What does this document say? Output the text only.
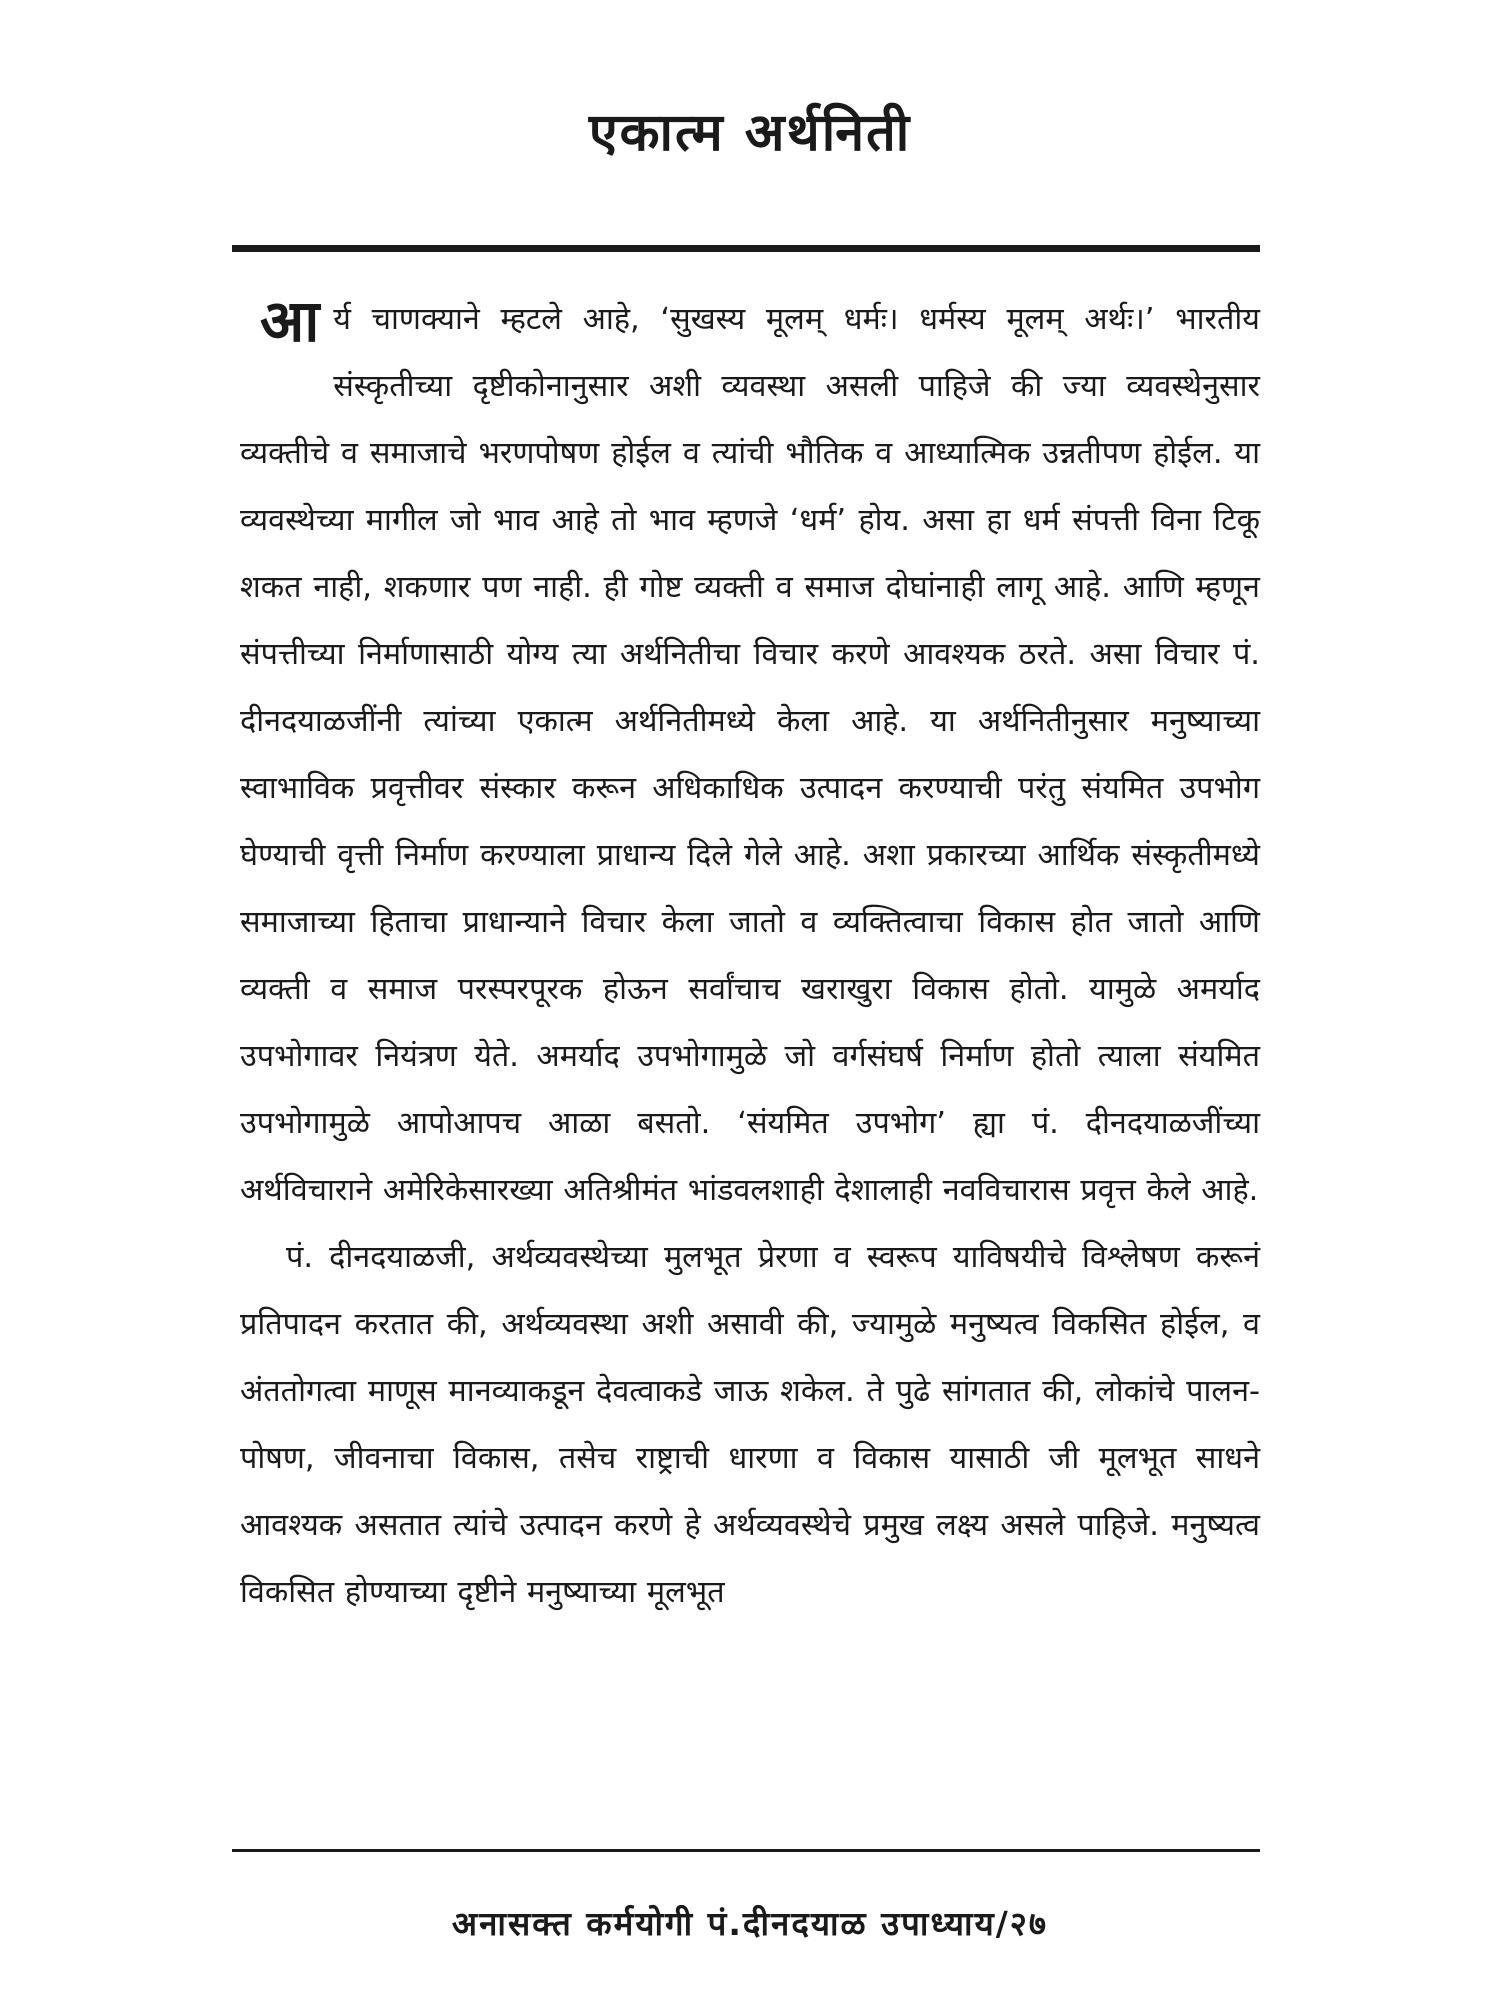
एकात्म अर्थनिती

आर्य चाणक्याने म्हटले आहे, ‘सुखस्य मूलम् धर्मः। धर्मस्य मूलम् अर्थः।’ भारतीय संस्कृतीच्या दृष्टीकोनानुसार अशी व्यवस्था असली पाहिजे की ज्या व्यवस्थेनुसार व्यक्तीचे व समाजाचे भरणपोषण होईल व त्यांची भौतिक व आध्यात्मिक उन्नतीपण होईल. या व्यवस्थेच्या मागील जो भाव आहे तो भाव म्हणजे ‘धर्म’ होय. असा हा धर्म संपत्ती विना टिकू शकत नाही, शकणार पण नाही. ही गोष्ट व्यक्ती व समाज दोघांनाही लागू आहे. आणि म्हणून संपत्तीच्या निर्माणासाठी योग्य त्या अर्थनितीचा विचार करणे आवश्यक ठरते. असा विचार पं. दीनदयाळजींनी त्यांच्या एकात्म अर्थनितीमध्ये केला आहे. या अर्थनितीनुसार मनुष्याच्या स्वाभाविक प्रवृत्तीवर संस्कार करून अधिकाधिक उत्पादन करण्याची परंतु संयमित उपभोग घेण्याची वृत्ती निर्माण करण्याला प्राधान्य दिले गेले आहे. अशा प्रकारच्या आर्थिक संस्कृतीमध्ये समाजाच्या हिताचा प्राधान्याने विचार केला जातो व व्यक्तित्वाचा विकास होत जातो आणि व्यक्ती व समाज परस्परपूरक होऊन सर्वांचाच खराखुरा विकास होतो. यामुळे अमर्याद उपभोगावर नियंत्रण येते. अमर्याद उपभोगामुळे जो वर्गसंघर्ष निर्माण होतो त्याला संयमित उपभोगामुळे आपोआपच आळा बसतो. ‘संयमित उपभोग’ ह्या पं. दीनदयाळजींच्या अर्थविचाराने अमेरिकेसारख्या अतिश्रीमंत भांडवलशाही देशालाही नवविचारास प्रवृत्त केले आहे.

पं. दीनदयाळजी, अर्थव्यवस्थेच्या मुलभूत प्रेरणा व स्वरूप याविषयीचे विश्लेषण करूनं प्रतिपादन करतात की, अर्थव्यवस्था अशी असावी की, ज्यामुळे मनुष्यत्व विकसित होईल, व अंततोगत्वा माणूस मानव्याकडून देवत्वाकडे जाऊ शकेल. ते पुढे सांगतात की, लोकांचे पालन-पोषण, जीवनाचा विकास, तसेच राष्ट्राची धारणा व विकास यासाठी जी मूलभूत साधने आवश्यक असतात त्यांचे उत्पादन करणे हे अर्थव्यवस्थेचे प्रमुख लक्ष्य असले पाहिजे. मनुष्यत्व विकसित होण्याच्या दृष्टीने मनुष्याच्या मूलभूत

अनासक्त कर्मयोगी पं.दीनदयाळ उपाध्याय/२७
